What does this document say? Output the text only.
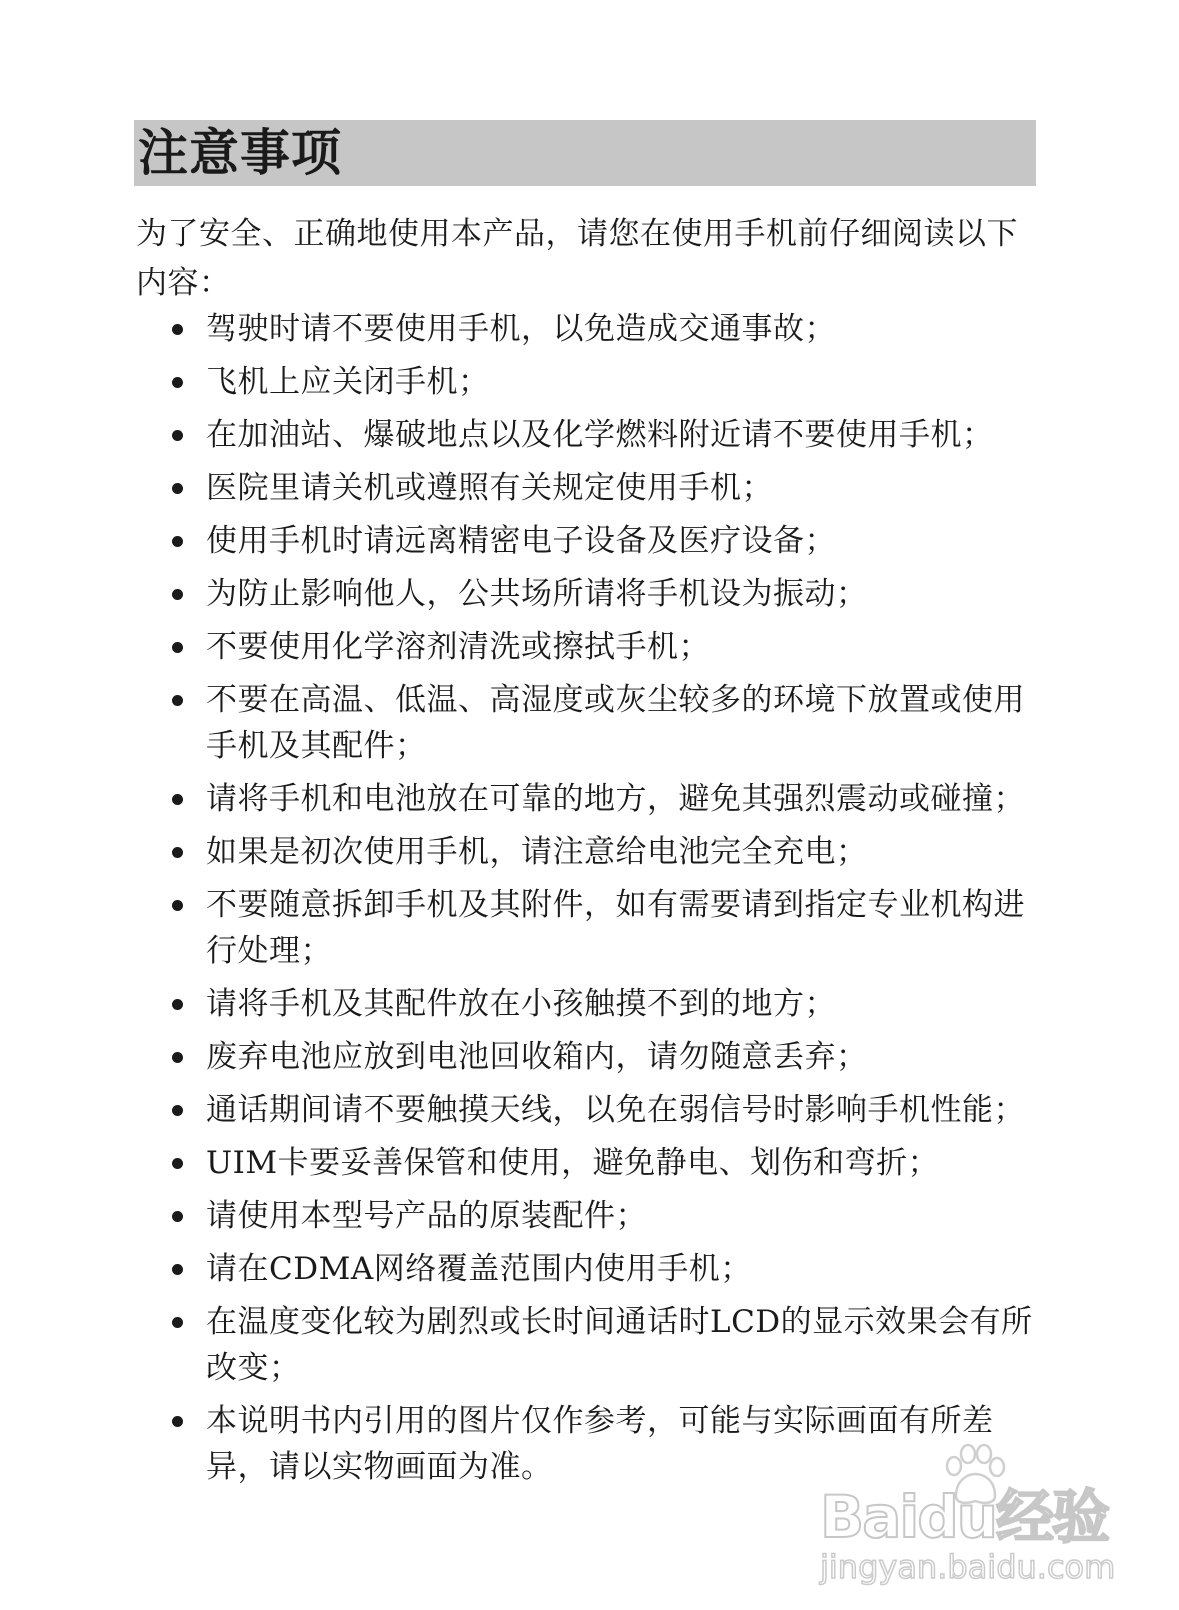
注意事项
为了安全、正确地使用本产品，请您在使用手机前仔细阅读以下内容：
驾驶时请不要使用手机，以免造成交通事故；
飞机上应关闭手机；
在加油站、爆破地点以及化学燃料附近请不要使用手机；
医院里请关机或遵照有关规定使用手机；
使用手机时请远离精密电子设备及医疗设备；
为防止影响他人，公共场所请将手机设为振动；
不要使用化学溶剂清洗或擦拭手机；
不要在高温、低温、高湿度或灰尘较多的环境下放置或使用手机及其配件；
请将手机和电池放在可靠的地方，避免其强烈震动或碰撞；
如果是初次使用手机，请注意给电池完全充电；
不要随意拆卸手机及其附件，如有需要请到指定专业机构进行处理；
请将手机及其配件放在小孩触摸不到的地方；
废弃电池应放到电池回收箱内，请勿随意丢弃；
通话期间请不要触摸天线，以免在弱信号时影响手机性能；
UIM卡要妥善保管和使用，避免静电、划伤和弯折；
请使用本型号产品的原装配件；
请在CDMA网络覆盖范围内使用手机；
在温度变化较为剧烈或长时间通话时LCD的显示效果会有所改变；
本说明书内引用的图片仅作参考，可能与实际画面有所差异，请以实物画面为准。
Baidu经验
jingyan.baidu.com
